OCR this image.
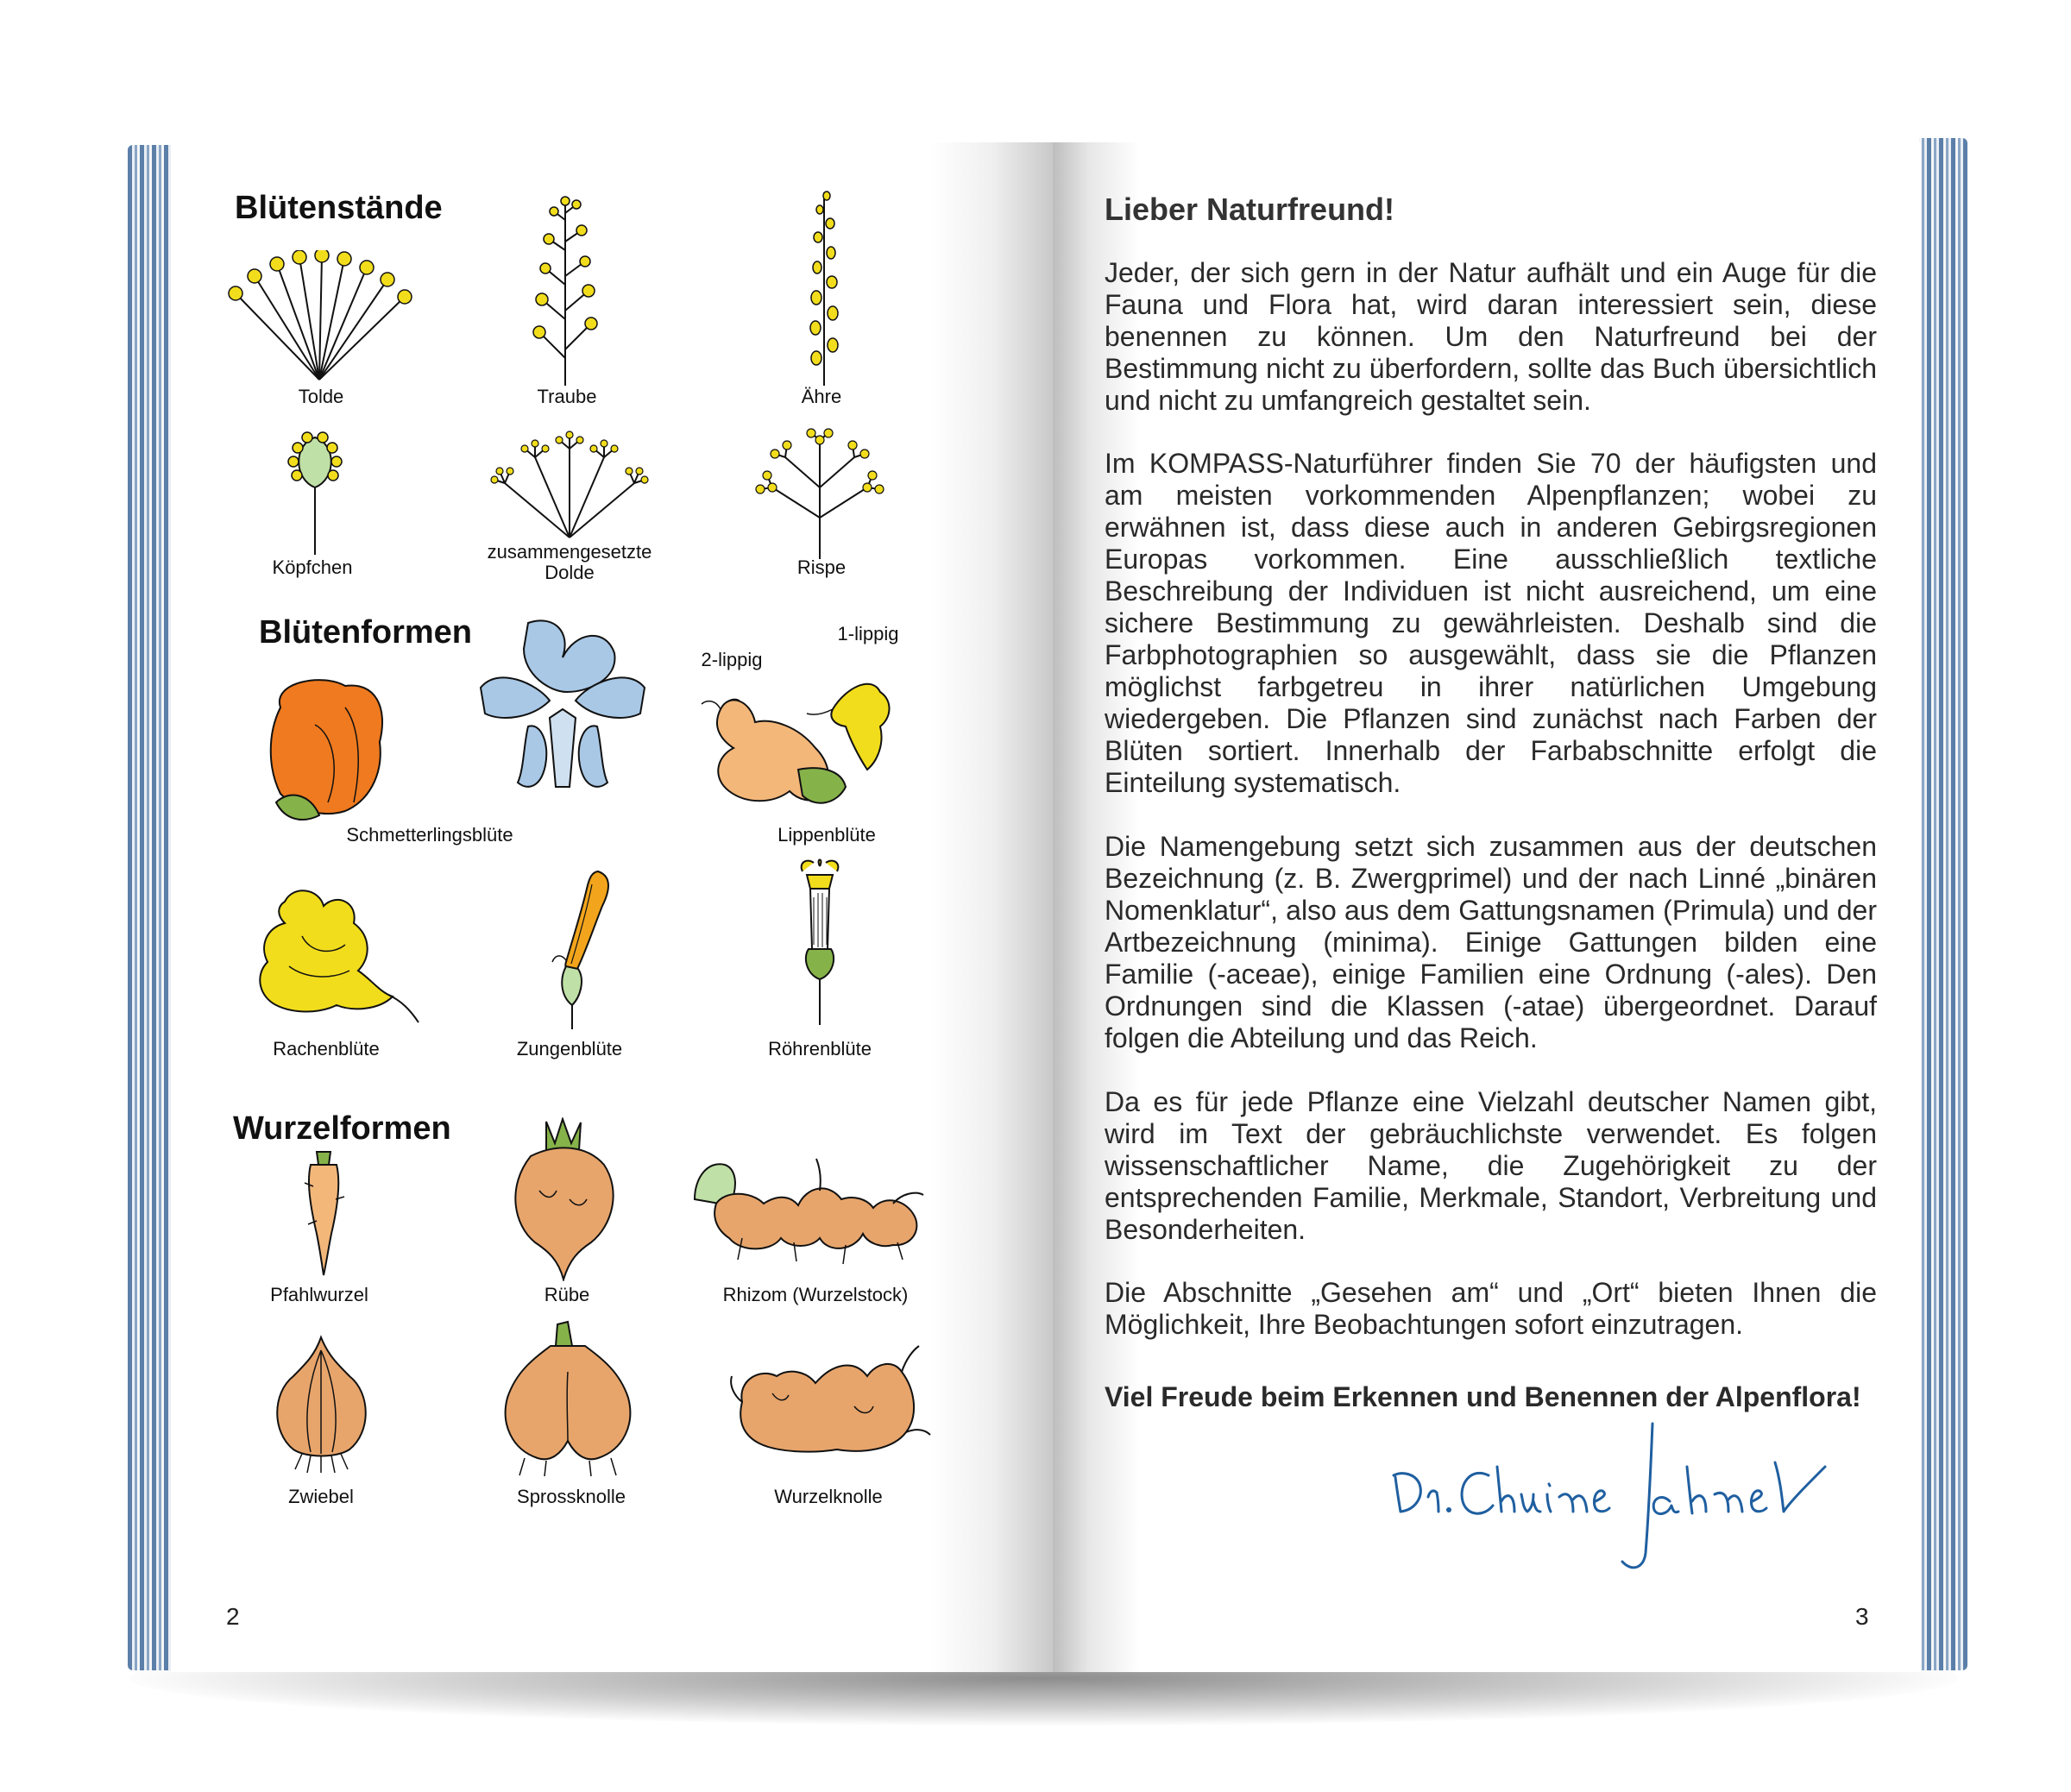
Blütenstände
Tolde	Traube	Ähre
Köpfchen
zusammengesetzte
Dolde	Rispe
Blütenformen
Schmetterlingsblüte
2-lippig
1-lippig
Lippenblüte
Rachenblüte	Zungenblüte	Röhrenblüte
Wurzelformen
Pfahlwurzel	Rübe	Rhizom (Wurzelstock)
Zwiebel	Sprossknolle	Wurzelknolle
2
Lieber Naturfreund!

Jeder, der sich gern in der Natur aufhält und ein Auge für die Fauna und Flora hat, wird daran interessiert sein, diese benennen zu können. Um den Naturfreund bei der Bestimmung nicht zu überfordern, sollte das Buch übersichtlich und nicht zu umfangreich gestaltet sein.

Im KOMPASS-Naturführer finden Sie 70 der häufigsten und am meisten vorkommenden Alpenpflanzen; wobei zu erwähnen ist, dass diese auch in anderen Gebirgsregionen Europas vorkommen. Eine ausschließlich textliche Beschreibung der Individuen ist nicht ausreichend, um eine sichere Bestimmung zu gewährleisten. Deshalb sind die Farbphotographien so ausgewählt, dass sie die Pflanzen möglichst farbgetreu in ihrer natürlichen Umgebung wiedergeben. Die Pflanzen sind zunächst nach Farben der Blüten sortiert. Innerhalb der Farbabschnitte erfolgt die Einteilung systematisch.

Die Namengebung setzt sich zusammen aus der deutschen Bezeichnung (z. B. Zwergprimel) und der nach Linné „binären Nomenklatur“, also aus dem Gattungsnamen (Primula) und der Artbezeichnung (minima). Einige Gattungen bilden eine Familie (-aceae), einige Familien eine Ordnung (-ales). Den Ordnungen sind die Klassen (-atae) übergeordnet. Darauf folgen die Abteilung und das Reich.

Da es für jede Pflanze eine Vielzahl deutscher Namen gibt, wird im Text der gebräuchlichste verwendet. Es folgen wissenschaftlicher Name, die Zugehörigkeit zu der entsprechenden Familie, Merkmale, Standort, Verbreitung und Besonderheiten.

Die Abschnitte „Gesehen am“ und „Ort“ bieten Ihnen die Möglichkeit, Ihre Beobachtungen sofort einzutragen.

Viel Freude beim Erkennen und Benennen der Alpenflora!

3
